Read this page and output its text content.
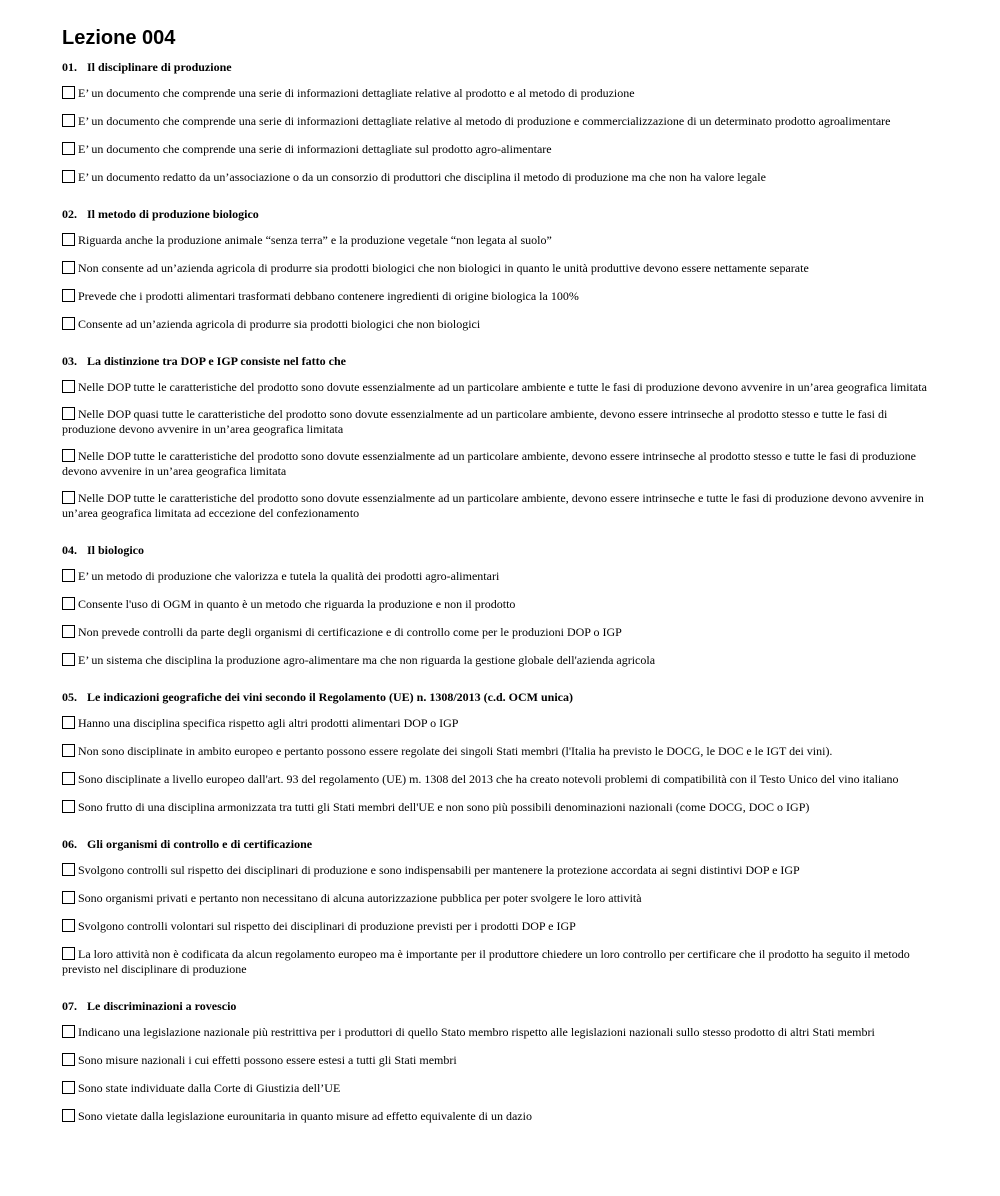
Lezione 004
01. Il disciplinare di produzione
E’ un documento che comprende una serie di informazioni dettagliate relative al prodotto e al metodo di produzione
E’ un documento che comprende una serie di informazioni dettagliate relative al metodo di produzione e commercializzazione di un determinato prodotto agroalimentare
E’ un documento che comprende una serie di informazioni dettagliate sul prodotto agro-alimentare
E’ un documento redatto da un’associazione o da un consorzio di produttori che disciplina il metodo di produzione ma che non ha valore legale
02. Il metodo di produzione biologico
Riguarda anche la produzione animale “senza terra” e la produzione vegetale “non legata al suolo”
Non consente ad un’azienda agricola di produrre sia prodotti biologici che non biologici in quanto le unità produttive devono essere nettamente separate
Prevede che i prodotti alimentari trasformati debbano contenere ingredienti di origine biologica la 100%
Consente ad un’azienda agricola di produrre sia prodotti biologici che non biologici
03. La distinzione tra DOP e IGP consiste nel fatto che
Nelle DOP tutte le caratteristiche del prodotto sono dovute essenzialmente ad un particolare ambiente e tutte le fasi di produzione devono avvenire in un’area geografica limitata
Nelle DOP quasi tutte le caratteristiche del prodotto sono dovute essenzialmente ad un particolare ambiente, devono essere intrinseche al prodotto stesso e tutte le fasi di produzione devono avvenire in un’area geografica limitata
Nelle DOP tutte le caratteristiche del prodotto sono dovute essenzialmente ad un particolare ambiente, devono essere intrinseche al prodotto stesso e tutte le fasi di produzione devono avvenire in un’area geografica limitata
Nelle DOP tutte le caratteristiche del prodotto sono dovute essenzialmente ad un particolare ambiente, devono essere intrinseche e tutte le fasi di produzione devono avvenire in un’area geografica limitata ad eccezione del confezionamento
04. Il biologico
E’ un metodo di produzione che valorizza e tutela la qualità dei prodotti agro-alimentari
Consente l'uso di OGM in quanto è un metodo che riguarda la produzione e non il prodotto
Non prevede controlli da parte degli organismi di certificazione e di controllo come per le produzioni DOP o IGP
E’ un sistema che disciplina la produzione agro-alimentare ma che non riguarda la gestione globale dell'azienda agricola
05. Le indicazioni geografiche dei vini secondo il Regolamento (UE) n. 1308/2013 (c.d. OCM unica)
Hanno una disciplina specifica rispetto agli altri prodotti alimentari DOP o IGP
Non sono disciplinate in ambito europeo e pertanto possono essere regolate dei singoli Stati membri (l'Italia ha previsto le DOCG, le DOC e le IGT dei vini).
Sono disciplinate a livello europeo dall'art. 93 del regolamento (UE) m. 1308 del 2013 che ha creato notevoli problemi di compatibilità con il Testo Unico del vino italiano
Sono frutto di una disciplina armonizzata tra tutti gli Stati membri dell'UE e non sono più possibili denominazioni nazionali (come DOCG, DOC o IGP)
06. Gli organismi di controllo e di certificazione
Svolgono controlli sul rispetto dei disciplinari di produzione e sono indispensabili per mantenere la protezione accordata ai segni distintivi DOP e IGP
Sono organismi privati e pertanto non necessitano di alcuna autorizzazione pubblica per poter svolgere le loro attività
Svolgono controlli volontari sul rispetto dei disciplinari di produzione previsti per i prodotti DOP e IGP
La loro attività non è codificata da alcun regolamento europeo ma è importante per il produttore chiedere un loro controllo per certificare che il prodotto ha seguito il metodo previsto nel disciplinare di produzione
07. Le discriminazioni a rovescio
Indicano una legislazione nazionale più restrittiva per i produttori di quello Stato membro rispetto alle legislazioni nazionali sullo stesso prodotto di altri Stati membri
Sono misure nazionali i cui effetti possono essere estesi a tutti gli Stati membri
Sono state individuate dalla Corte di Giustizia dell’UE
Sono vietate dalla legislazione eurounitaria in quanto misure ad effetto equivalente di un dazio
